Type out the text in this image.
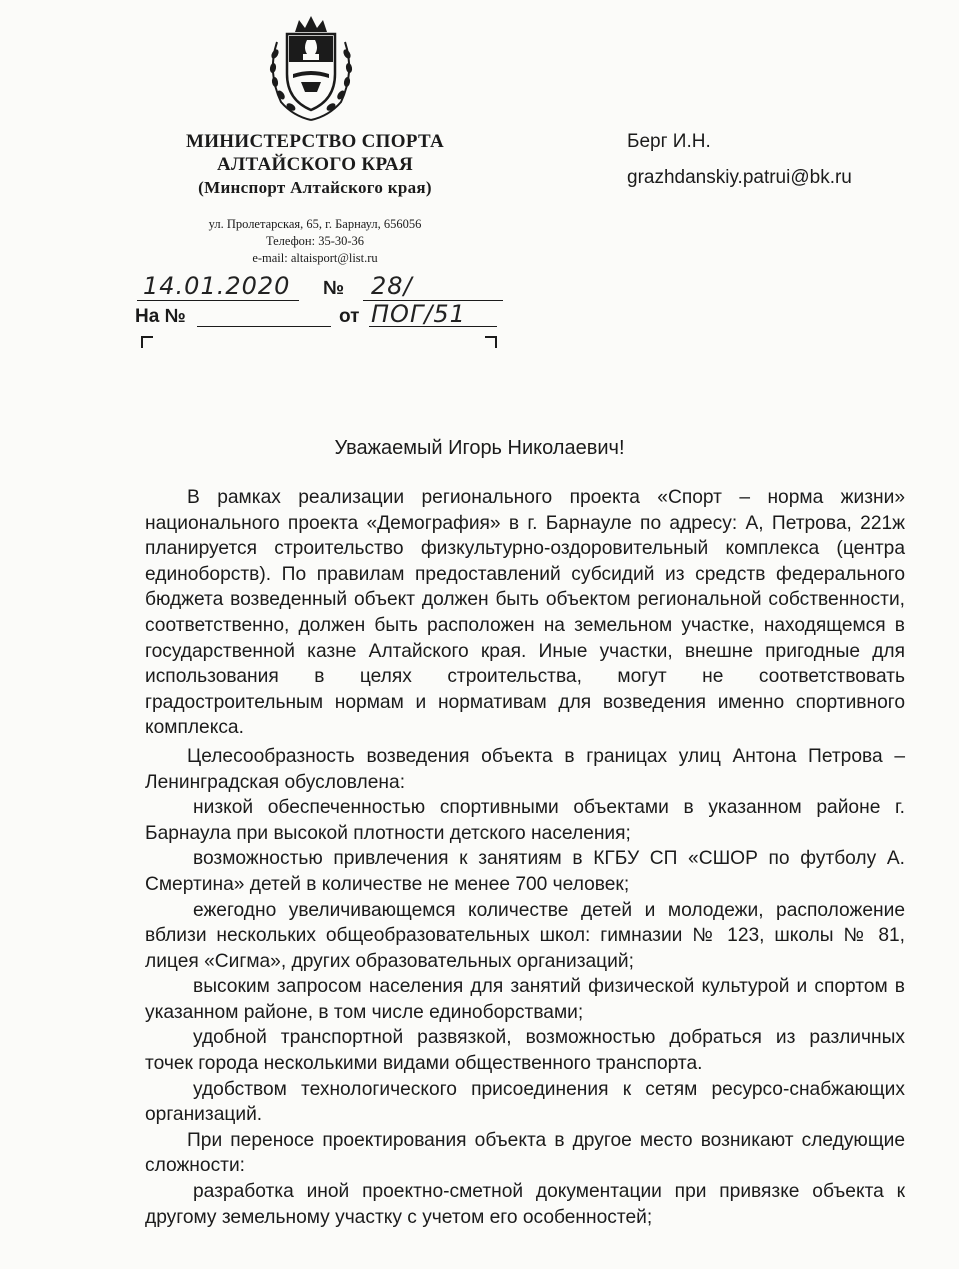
МИНИСТЕРСТВО СПОРТА
АЛТАЙСКОГО КРАЯ
(Минспорт Алтайского края)
ул. Пролетарская, 65, г. Барнаул, 656056
Телефон: 35-30-36
e-mail: altaisport@list.ru
Берг И.Н.
grazhdanskiy.patrui@bk.ru
14.01.2020 № 28/ПОГ/51
На №	от
Уважаемый Игорь Николаевич!

В рамках реализации регионального проекта «Спорт – норма жизни» национального проекта «Демография» в г. Барнауле по адресу: А, Петрова, 221ж планируется строительство физкультурно-оздоровительный комплекса (центра единоборств). По правилам предоставлений субсидий из средств федерального бюджета возведенный объект должен быть объектом региональной собственности, соответственно, должен быть расположен на земельном участке, находящемся в государственной казне Алтайского края. Иные участки, внешне пригодные для использования в целях строительства, могут не соответствовать градостроительным нормам и нормативам для возведения именно спортивного комплекса.

Целесообразность возведения объекта в границах улиц Антона Петрова – Ленинградская обусловлена:

низкой обеспеченностью спортивными объектами в указанном районе г. Барнаула при высокой плотности детского населения;

возможностью привлечения к занятиям в КГБУ СП «СШОР по футболу А. Смертина» детей в количестве не менее 700 человек;

ежегодно увеличивающемся количестве детей и молодежи, расположение вблизи нескольких общеобразовательных школ: гимназии № 123, школы № 81, лицея «Сигма», других образовательных организаций;

высоким запросом населения для занятий физической культурой и спортом в указанном районе, в том числе единоборствами;

удобной транспортной развязкой, возможностью добраться из различных точек города несколькими видами общественного транспорта.

удобством технологического присоединения к сетям ресурсо-снабжающих организаций.

При переносе проектирования объекта в другое место возникают следующие сложности:

разработка иной проектно-сметной документации при привязке объекта к другому земельному участку с учетом его особенностей;
